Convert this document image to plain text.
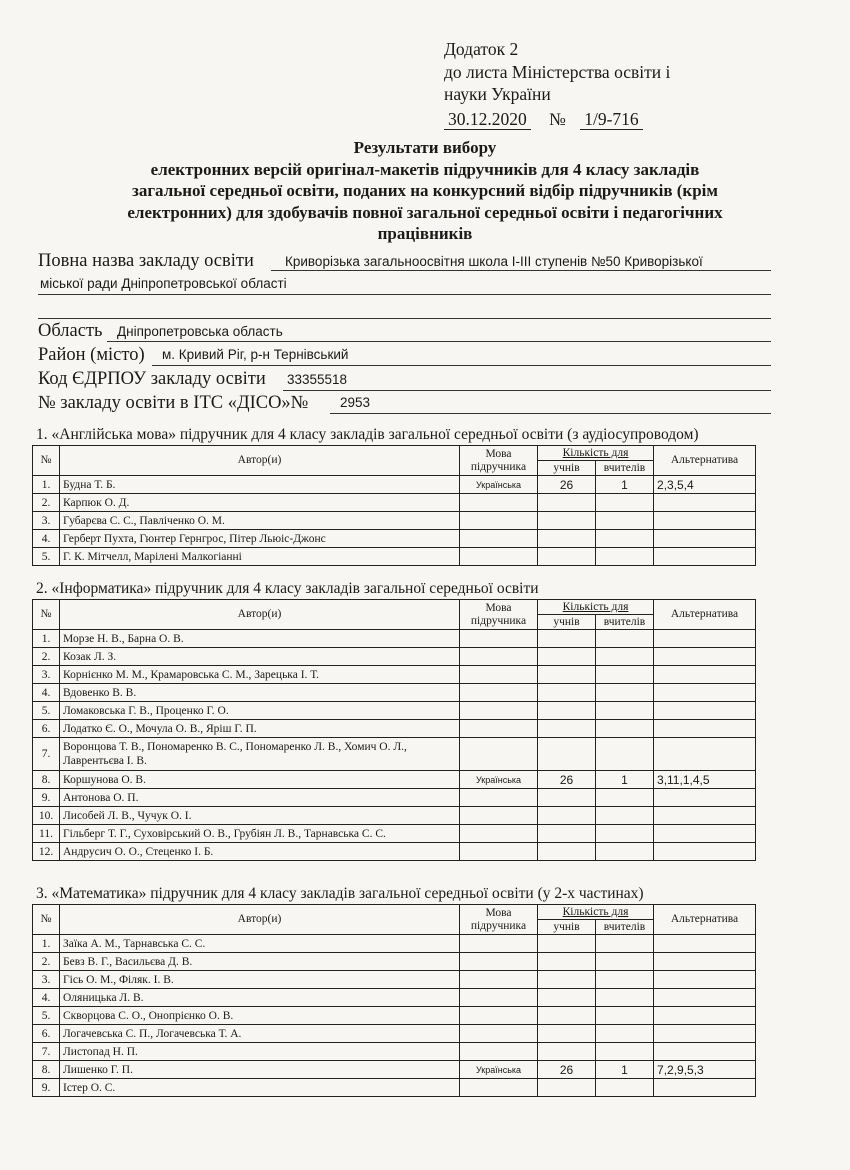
Додаток 2
до листа Міністерства освіти і
науки України
30.12.2020 № 1/9-716
Результати вибору
електронних версій оригінал-макетів підручників для 4 класу закладів
загальної середньої освіти, поданих на конкурсний відбір підручників (крім
електронних) для здобувачів повної загальної середньої освіти і педагогічних
працівників
Повна назва закладу освіти Криворізька загальноосвітня школа І-ІІІ ступенів №50 Криворізької
міської ради Дніпропетровської області
Область Дніпропетровська область
Район (місто) м. Кривий Ріг, р-н Тернівський
Код ЄДРПОУ закладу освіти 33355518
№ закладу освіти в ІТС «ДІСО»№ 2953
1. «Англійська мова» підручник для 4 класу закладів загальної середньої освіти (з аудіосупроводом)
№	Автор(и)	Мова
підручника	Кількість для		Альтернатива
			учнів	вчителів	
1.	Будна Т. Б.	Українська	26	1	2,3,5,4
2.	Карпюк О. Д.				
3.	Губарєва С. С., Павліченко О. М.				
4.	Герберт Пухта, Гюнтер Гернгрос, Пітер Льюіс-Джонс				
5.	Г. К. Мітчелл, Марілені Малкогіанні				
2. «Інформатика» підручник для 4 класу закладів загальної середньої освіти
№	Автор(и)	Мова
підручника	Кількість для		Альтернатива
			учнів	вчителів	
1.	Морзе Н. В., Барна О. В.				
2.	Козак Л. З.				
3.	Корнієнко М. М., Крамаровська С. М., Зарецька І. Т.				
4.	Вдовенко В. В.				
5.	Ломаковська Г. В., Проценко Г. О.				
6.	Лодатко Є. О., Мочула О. В., Яріш Г. П.				
7.	Воронцова Т. В., Пономаренко В. С., Пономаренко Л. В., Хомич О. Л., Лаврентьєва І. В.				
8.	Коршунова О. В.	Українська	26	1	3,11,1,4,5
9.	Антонова О. П.				
10.	Лисобей Л. В., Чучук О. І.				
11.	Гільберг Т. Г., Суховірський О. В., Грубіян Л. В., Тарнавська С. С.				
12.	Андрусич О. О., Стеценко І. Б.				
3. «Математика» підручник для 4 класу закладів загальної середньої освіти (у 2-х частинах)
№	Автор(и)	Мова
підручника	Кількість для		Альтернатива
			учнів	вчителів	
1.	Заїка А. М., Тарнавська С. С.				
2.	Бевз В. Г., Васильєва Д. В.				
3.	Гісь О. М., Філяк. І. В.				
4.	Оляницька Л. В.				
5.	Скворцова С. О., Онопрієнко О. В.				
6.	Логачевська С. П., Логачевська Т. А.				
7.	Листопад Н. П.				
8.	Лишенко Г. П.	Українська	26	1	7,2,9,5,3
9.	Істер О. С.				
